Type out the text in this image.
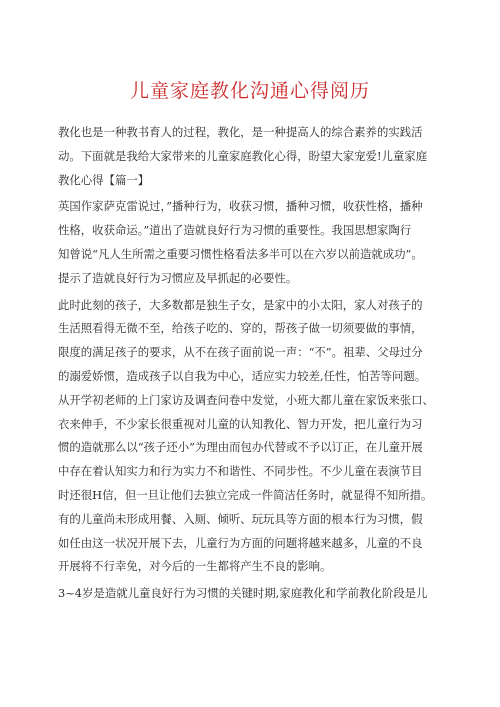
儿童家庭教化沟通心得阅历
教化也是一种教书育人的过程，教化，是一种提高人的综合素养的实践活
动。下面就是我给大家带来的儿童家庭教化心得，盼望大家宠爱!儿童家庭
教化心得【篇一】
英国作家萨克雷说过，”播种行为，收获习惯，播种习惯，收获性格，播种
性格，收获命运。”道出了造就良好行为习惯的重要性。我国思想家陶行
知曾说“凡人生所需之重要习惯性格看法多半可以在六岁以前造就成功”。
提示了造就良好行为习惯应及早抓起的必要性。
此时此刻的孩子，大多数都是独生子女，是家中的小太阳，家人对孩子的
生活照看得无微不至，给孩子吃的、穿的，帮孩子做一切须要做的事情，
限度的满足孩子的要求，从不在孩子面前说一声：“不”。祖辈、父母过分
的溺爱娇惯，造成孩子以自我为中心，适应实力较差,任性，怕苦等问题。
从开学初老师的上门家访及调查问卷中发觉，小班大都儿童在家饭来张口、
衣来伸手，不少家长很重视对儿童的认知教化、智力开发，把儿童行为习
惯的造就那么以“孩子还小”为理由而包办代替或不予以订正，在儿童开展
中存在着认知实力和行为实力不和谐性、不同步性。不少儿童在表演节目
时还很H信，但一旦让他们去独立完成一件简洁任务时，就显得不知所措。
有的儿童尚未形成用餐、入厕、倾听、玩玩具等方面的根本行为习惯，假
如任由这一状况开展下去，儿童行为方面的问题将越来越多，儿童的不良
开展将不行幸免，对今后的一生都将产生不良的影响。
3~4岁是造就儿童良好行为习惯的关键时期,家庭教化和学前教化阶段是儿
